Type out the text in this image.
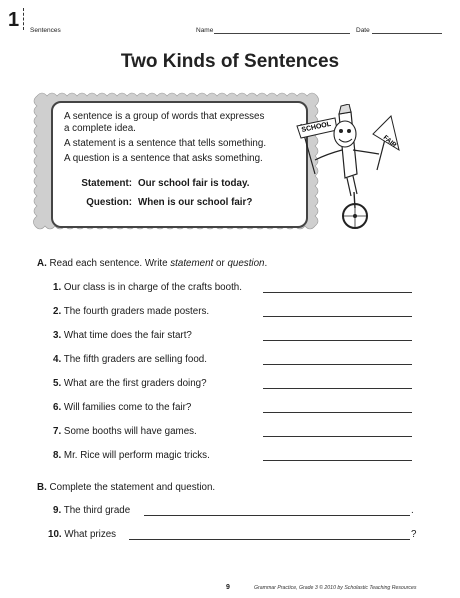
1 Sentences	Name	Date
Two Kinds of Sentences
A sentence is a group of words that expresses
a complete idea.
A statement is a sentence that tells something.
A question is a sentence that asks something.
Statement: Our school fair is today.
Question: When is our school fair?
SCHOOL
FAIR
A. Read each sentence. Write statement or question.
1. Our class is in charge of the crafts booth.
2. The fourth graders made posters.
3. What time does the fair start?
4. The fifth graders are selling food.
5. What are the first graders doing?
6. Will families come to the fair?
7. Some booths will have games.
8. Mr. Rice will perform magic tricks.
B. Complete the statement and question.
9. The third grade	.
10. What prizes	?
9	Grammar Practice, Grade 3 © 2010 by Scholastic Teaching Resources
